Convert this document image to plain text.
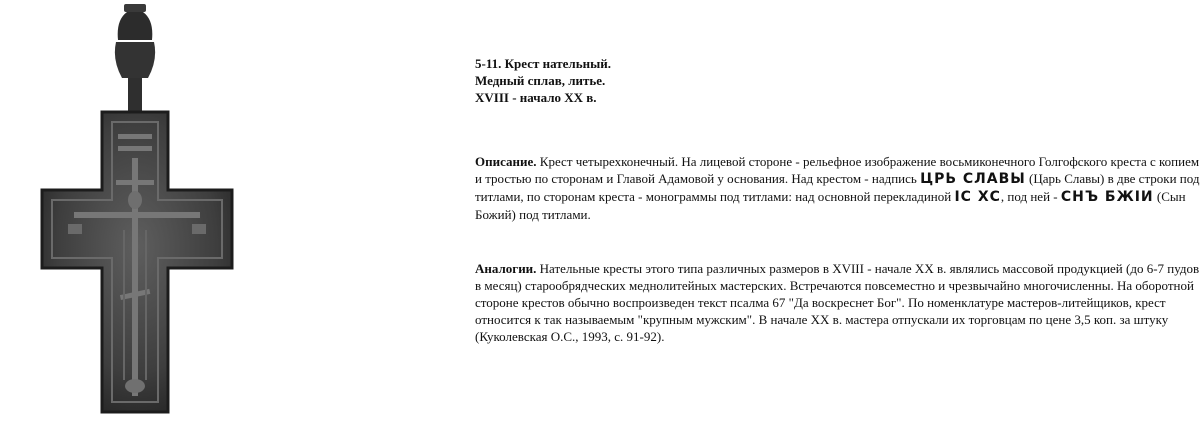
5-11. Крест нательный.
Медный сплав, литье.
XVIII - начало XX в.
Описание. Крест четырехконечный. На лицевой стороне - рельефное изображение восьмиконечного Голгофского креста с копием и тростью по сторонам и Главой Адамовой у основания. Над крестом - надпись ЦРЬ СЛАВЫ (Царь Славы) в две строки под титлами, по сторонам креста - монограммы под титлами: над основной перекладиной IС ХС, под ней - СНЪ БЖIИ (Сын Божий) под титлами.
Аналогии. Нательные кресты этого типа различных размеров в XVIII - начале XX в. являлись массовой продукцией (до 6-7 пудов в месяц) старообрядческих меднолитейных мастерских. Встречаются повсеместно и чрезвычайно многочисленны. На оборотной стороне крестов обычно воспроизведен текст псалма 67 "Да воскреснет Бог". По номенклатуре мастеров-литейщиков, крест относится к так называемым "крупным мужским". В начале XX в. мастера отпускали их торговцам по цене 3,5 коп. за штуку (Куколевская О.С., 1993, с. 91-92).
